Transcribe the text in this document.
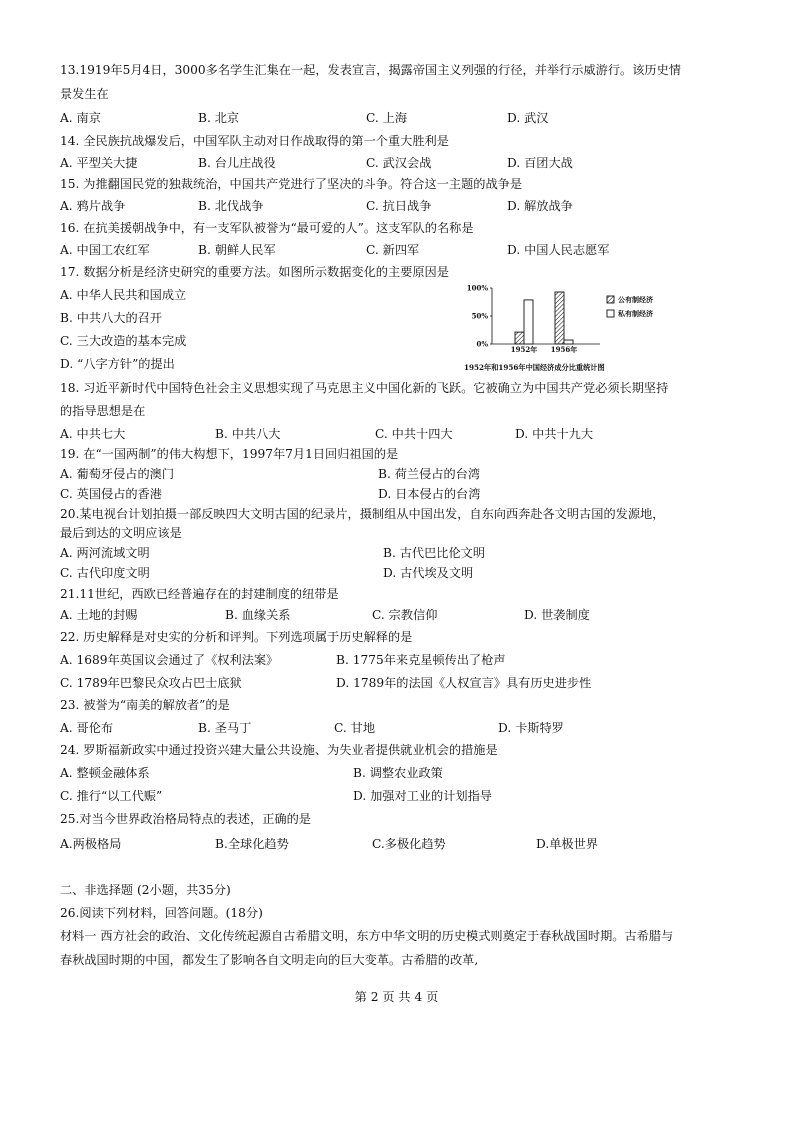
13.1919年5月4日，3000多名学生汇集在一起，发表宣言，揭露帝国主义列强的行径，并举行示威游行。该历史情
景发生在
A. 南京	B. 北京	C. 上海	D. 武汉
14. 全民族抗战爆发后，中国军队主动对日作战取得的第一个重大胜利是
A. 平型关大捷	B. 台儿庄战役	C. 武汉会战	D. 百团大战
15. 为推翻国民党的独裁统治，中国共产党进行了坚决的斗争。符合这一主题的战争是
A. 鸦片战争	B. 北伐战争	C. 抗日战争	D. 解放战争
16. 在抗美援朝战争中，有一支军队被誉为“最可爱的人”。这支军队的名称是
A. 中国工农红军	B. 朝鲜人民军	C. 新四军	D. 中国人民志愿军
17. 数据分析是经济史研究的重要方法。如图所示数据变化的主要原因是
A. 中华人民共和国成立
B. 中共八大的召开
C. 三大改造的基本完成
D. “八字方针”的提出
0%
50%
100%
1952年 1956年
公有制经济
私有制经济
1952年和1956年中国经济成分比重统计图
18. 习近平新时代中国特色社会主义思想实现了马克思主义中国化新的飞跃。它被确立为中国共产党必须长期坚持
的指导思想是在
A. 中共七大	B. 中共八大	C. 中共十四大	D. 中共十九大
19. 在“一国两制”的伟大构想下，1997年7月1日回归祖国的是
A. 葡萄牙侵占的澳门	B. 荷兰侵占的台湾
C. 英国侵占的香港	D. 日本侵占的台湾
20.某电视台计划拍摄一部反映四大文明古国的纪录片，摄制组从中国出发，自东向西奔赴各文明古国的发源地，
最后到达的文明应该是
A. 两河流域文明	B. 古代巴比伦文明
C. 古代印度文明	D. 古代埃及文明
21.11世纪，西欧已经普遍存在的封建制度的纽带是
A. 土地的封赐	B. 血缘关系	C. 宗教信仰	D. 世袭制度
22. 历史解释是对史实的分析和评判。下列选项属于历史解释的是
A. 1689年英国议会通过了《权利法案》	B. 1775年来克星顿传出了枪声
C. 1789年巴黎民众攻占巴士底狱	D. 1789年的法国《人权宣言》具有历史进步性
23. 被誉为“南美的解放者”的是
A. 哥伦布	B. 圣马丁	C. 甘地	D. 卡斯特罗
24. 罗斯福新政实中通过投资兴建大量公共设施、为失业者提供就业机会的措施是
A. 整顿金融体系	B. 调整农业政策
C. 推行“以工代赈”	D. 加强对工业的计划指导
25.对当今世界政治格局特点的表述，正确的是
A.两极格局	B.全球化趋势	C.多极化趋势	D.单极世界
二、非选择题 (2小题，共35分)
26.阅读下列材料，回答问题。(18分)
材料一 西方社会的政治、文化传统起源自古希腊文明，东方中华文明的历史模式则奠定于春秋战国时期。古希腊与
春秋战国时期的中国，都发生了影响各自文明走向的巨大变革。古希腊的改革,
第 2 页 共 4 页
